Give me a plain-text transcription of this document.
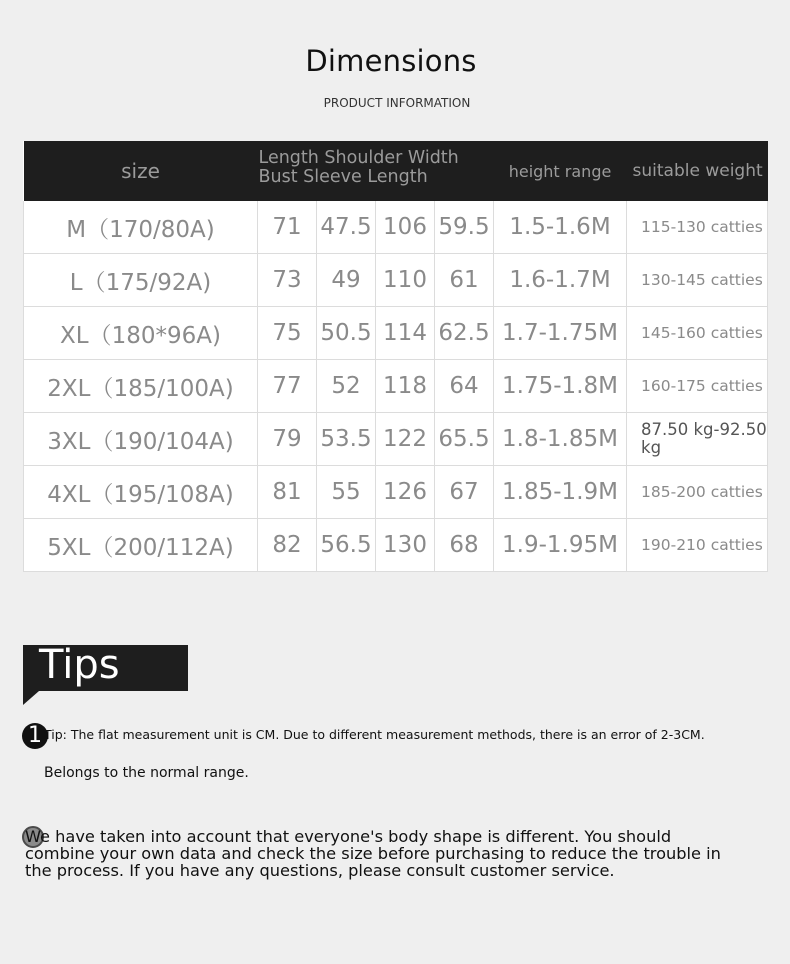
Dimensions
PRODUCT INFORMATION
size	Length Shoulder Width Bust Sleeve Length				height range	suitable weight
M（170/80A)	71	47.5	106	59.5	1.5-1.6M	115-130 catties
L（175/92A)	73	49	110	61	1.6-1.7M	130-145 catties
XL（180*96A)	75	50.5	114	62.5	1.7-1.75M	145-160 catties
2XL（185/100A)	77	52	118	64	1.75-1.8M	160-175 catties
3XL（190/104A)	79	53.5	122	65.5	1.8-1.85M	87.50 kg-92.50 kg
4XL（195/108A)	81	55	126	67	1.85-1.9M	185-200 catties
5XL（200/112A)	82	56.5	130	68	1.9-1.95M	190-210 catties
Tips
1 Tip: The flat measurement unit is CM. Due to different measurement methods, there is an error of 2-3CM.
Belongs to the normal range.
We have taken into account that everyone's body shape is different. You should combine your own data and check the size before purchasing to reduce the trouble in the process. If you have any questions, please consult customer service.
